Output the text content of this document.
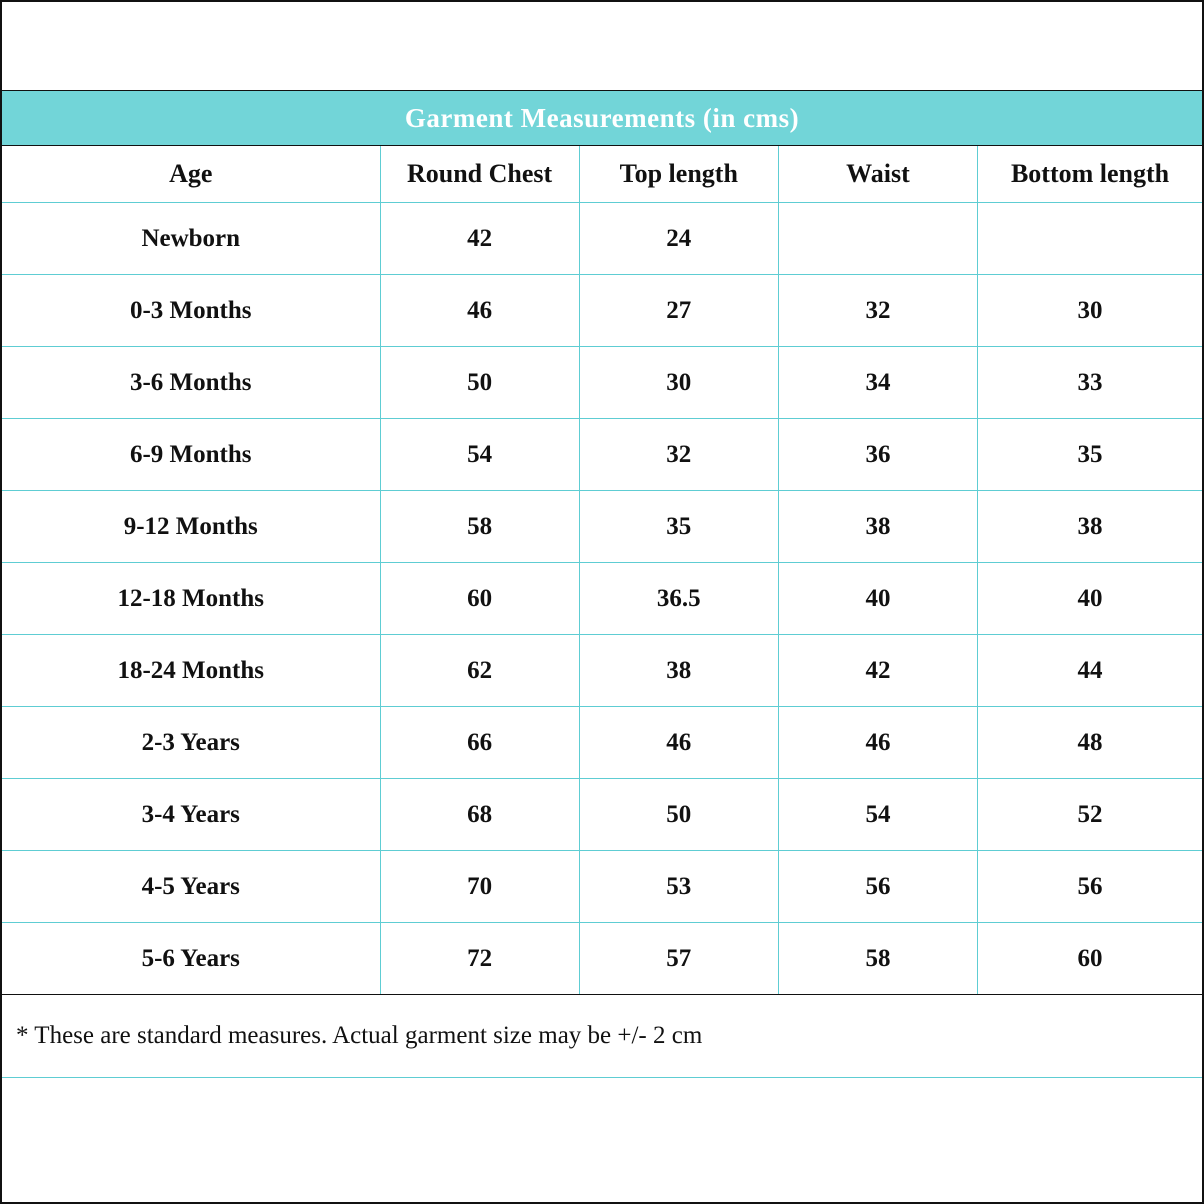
Garment Measurements (in cms)
Age	Round Chest	Top length	Waist	Bottom length
Newborn	42	24		
0-3 Months	46	27	32	30
3-6 Months	50	30	34	33
6-9 Months	54	32	36	35
9-12 Months	58	35	38	38
12-18 Months	60	36.5	40	40
18-24 Months	62	38	42	44
2-3 Years	66	46	46	48
3-4 Years	68	50	54	52
4-5 Years	70	53	56	56
5-6 Years	72	57	58	60
* These are standard measures. Actual garment size may be +/- 2 cm
